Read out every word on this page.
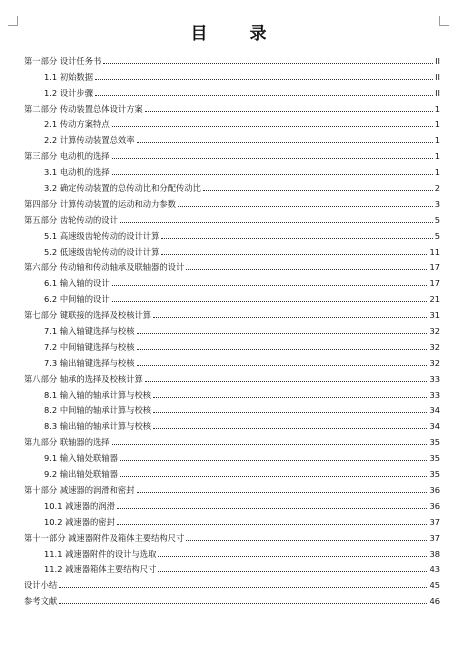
目 录
第一部分 设计任务书	II
1.1 初始数据	II
1.2 设计步骤	II
第二部分 传动装置总体设计方案	1
2.1 传动方案特点	1
2.2 计算传动装置总效率	1
第三部分 电动机的选择	1
3.1 电动机的选择	1
3.2 确定传动装置的总传动比和分配传动比	2
第四部分 计算传动装置的运动和动力参数	3
第五部分 齿轮传动的设计	5
5.1 高速级齿轮传动的设计计算	5
5.2 低速级齿轮传动的设计计算	11
第六部分 传动轴和传动轴承及联轴器的设计	17
6.1 输入轴的设计	17
6.2 中间轴的设计	21
第七部分 键联接的选择及校核计算	31
7.1 输入轴键选择与校核	32
7.2 中间轴键选择与校核	32
7.3 输出轴键选择与校核	32
第八部分 轴承的选择及校核计算	33
8.1 输入轴的轴承计算与校核	33
8.2 中间轴的轴承计算与校核	34
8.3 输出轴的轴承计算与校核	34
第九部分 联轴器的选择	35
9.1 输入轴处联轴器	35
9.2 输出轴处联轴器	35
第十部分 减速器的润滑和密封	36
10.1 减速器的润滑	36
10.2 减速器的密封	37
第十一部分 减速器附件及箱体主要结构尺寸	37
11.1 减速器附件的设计与选取	38
11.2 减速器箱体主要结构尺寸	43
设计小结	45
参考文献	46
